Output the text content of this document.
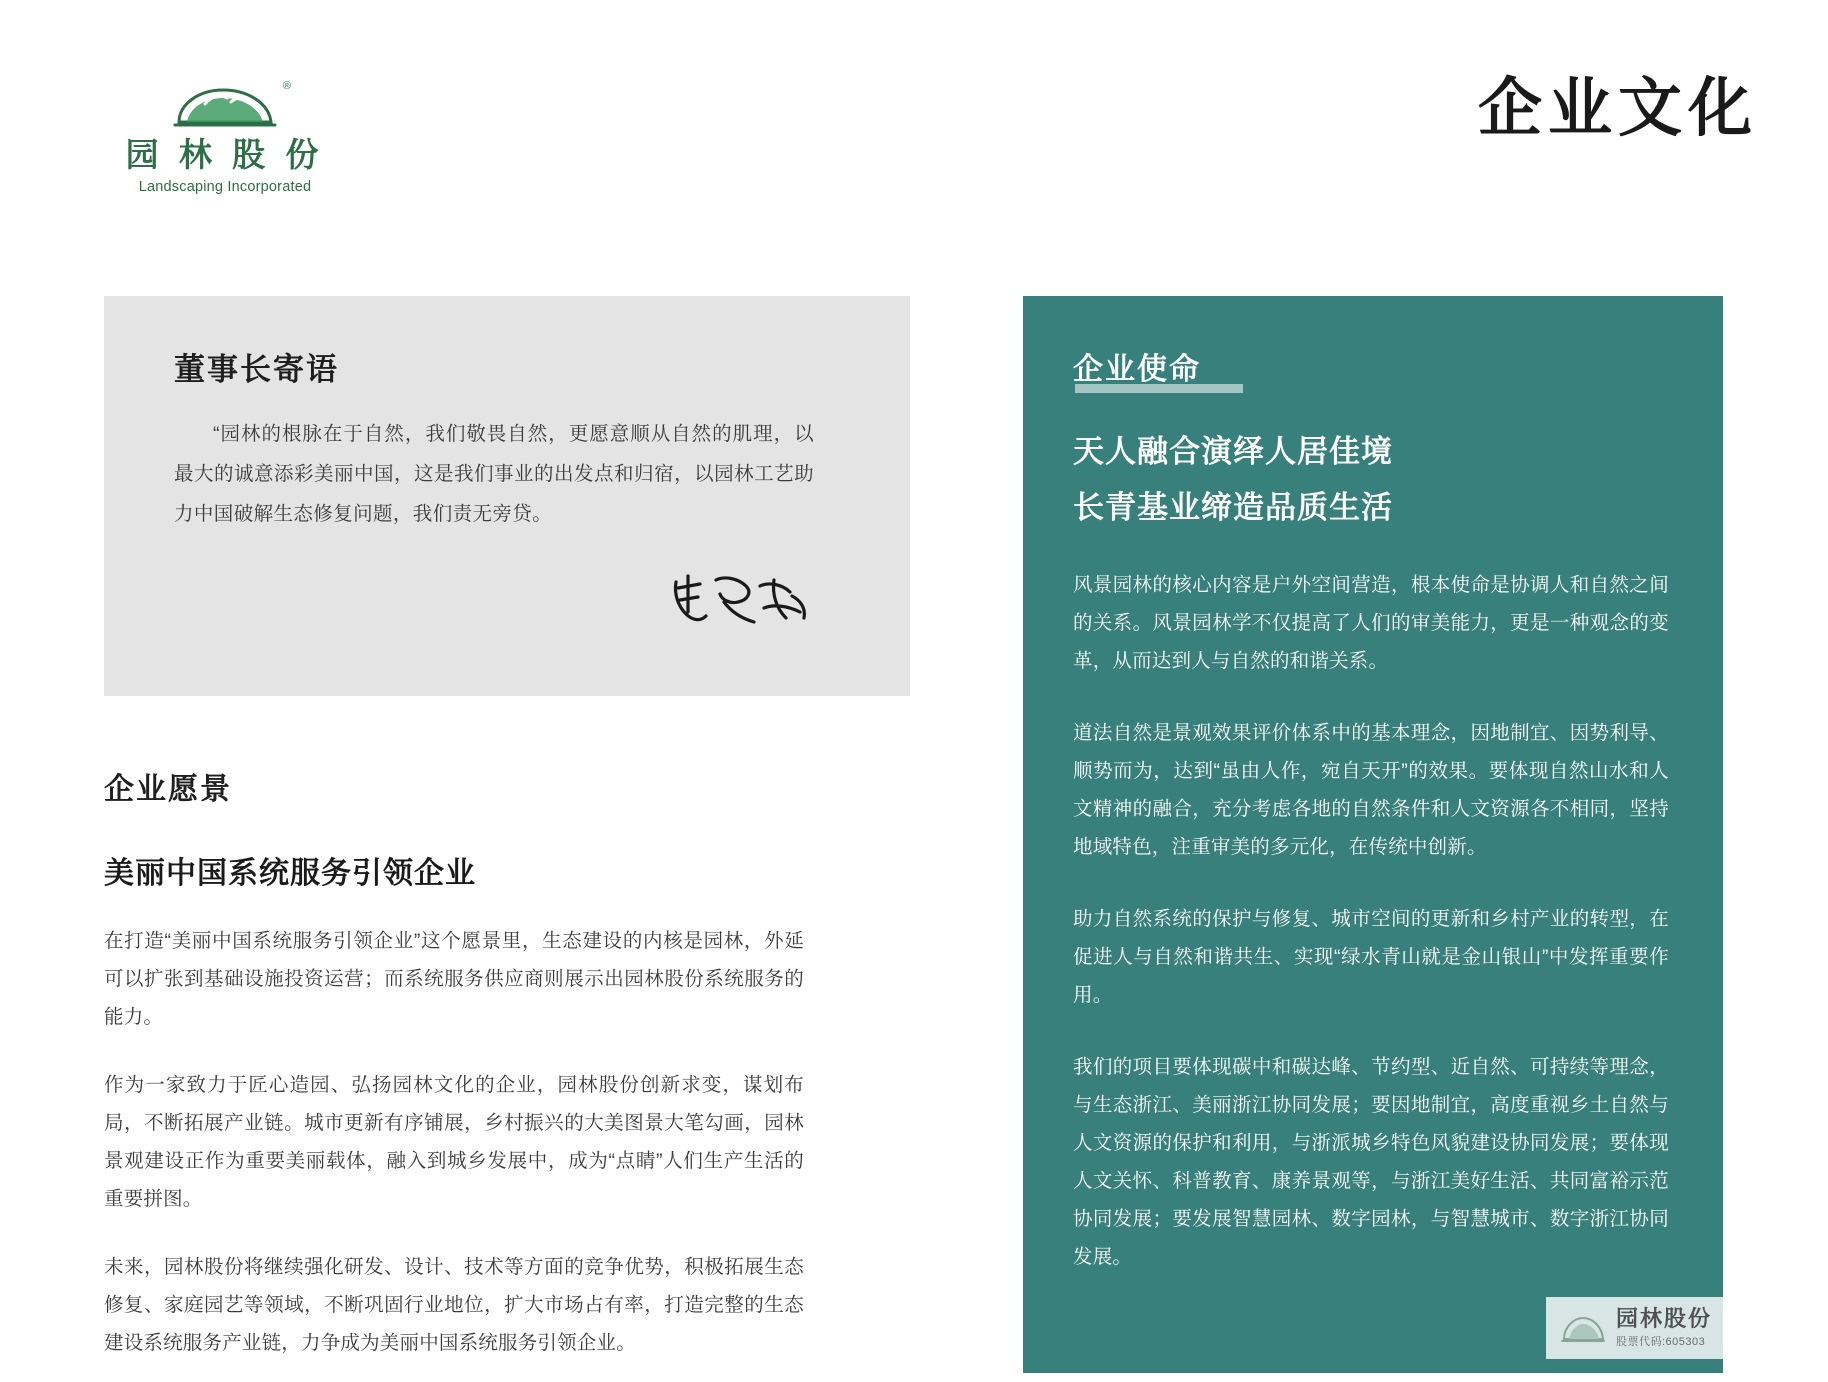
®
园 林 股 份
Landscaping Incorporated
企业文化
董事长寄语
“园林的根脉在于自然，我们敬畏自然，更愿意顺从自然的肌理，以最大的诚意添彩美丽中国，这是我们事业的出发点和归宿，以园林工艺助力中国破解生态修复问题，我们责无旁贷。
企业愿景
美丽中国系统服务引领企业

在打造“美丽中国系统服务引领企业”这个愿景里，生态建设的内核是园林，外延可以扩张到基础设施投资运营；而系统服务供应商则展示出园林股份系统服务的能力。

作为一家致力于匠心造园、弘扬园林文化的企业，园林股份创新求变，谋划布局，不断拓展产业链。城市更新有序铺展，乡村振兴的大美图景大笔勾画，园林景观建设正作为重要美丽载体，融入到城乡发展中，成为“点睛”人们生产生活的重要拼图。

未来，园林股份将继续强化研发、设计、技术等方面的竞争优势，积极拓展生态修复、家庭园艺等领域，不断巩固行业地位，扩大市场占有率，打造完整的生态建设系统服务产业链，力争成为美丽中国系统服务引领企业。

企业使命
天人融合演绎人居佳境
长青基业缔造品质生活

风景园林的核心内容是户外空间营造，根本使命是协调人和自然之间的关系。风景园林学不仅提高了人们的审美能力，更是一种观念的变革，从而达到人与自然的和谐关系。

道法自然是景观效果评价体系中的基本理念，因地制宜、因势利导、顺势而为，达到“虽由人作，宛自天开”的效果。要体现自然山水和人文精神的融合，充分考虑各地的自然条件和人文资源各不相同，坚持地域特色，注重审美的多元化，在传统中创新。

助力自然系统的保护与修复、城市空间的更新和乡村产业的转型，在促进人与自然和谐共生、实现“绿水青山就是金山银山”中发挥重要作用。

我们的项目要体现碳中和碳达峰、节约型、近自然、可持续等理念，与生态浙江、美丽浙江协同发展；要因地制宜，高度重视乡土自然与人文资源的保护和利用，与浙派城乡特色风貌建设协同发展；要体现人文关怀、科普教育、康养景观等，与浙江美好生活、共同富裕示范协同发展；要发展智慧园林、数字园林，与智慧城市、数字浙江协同发展。

园林股份
股票代码:605303
